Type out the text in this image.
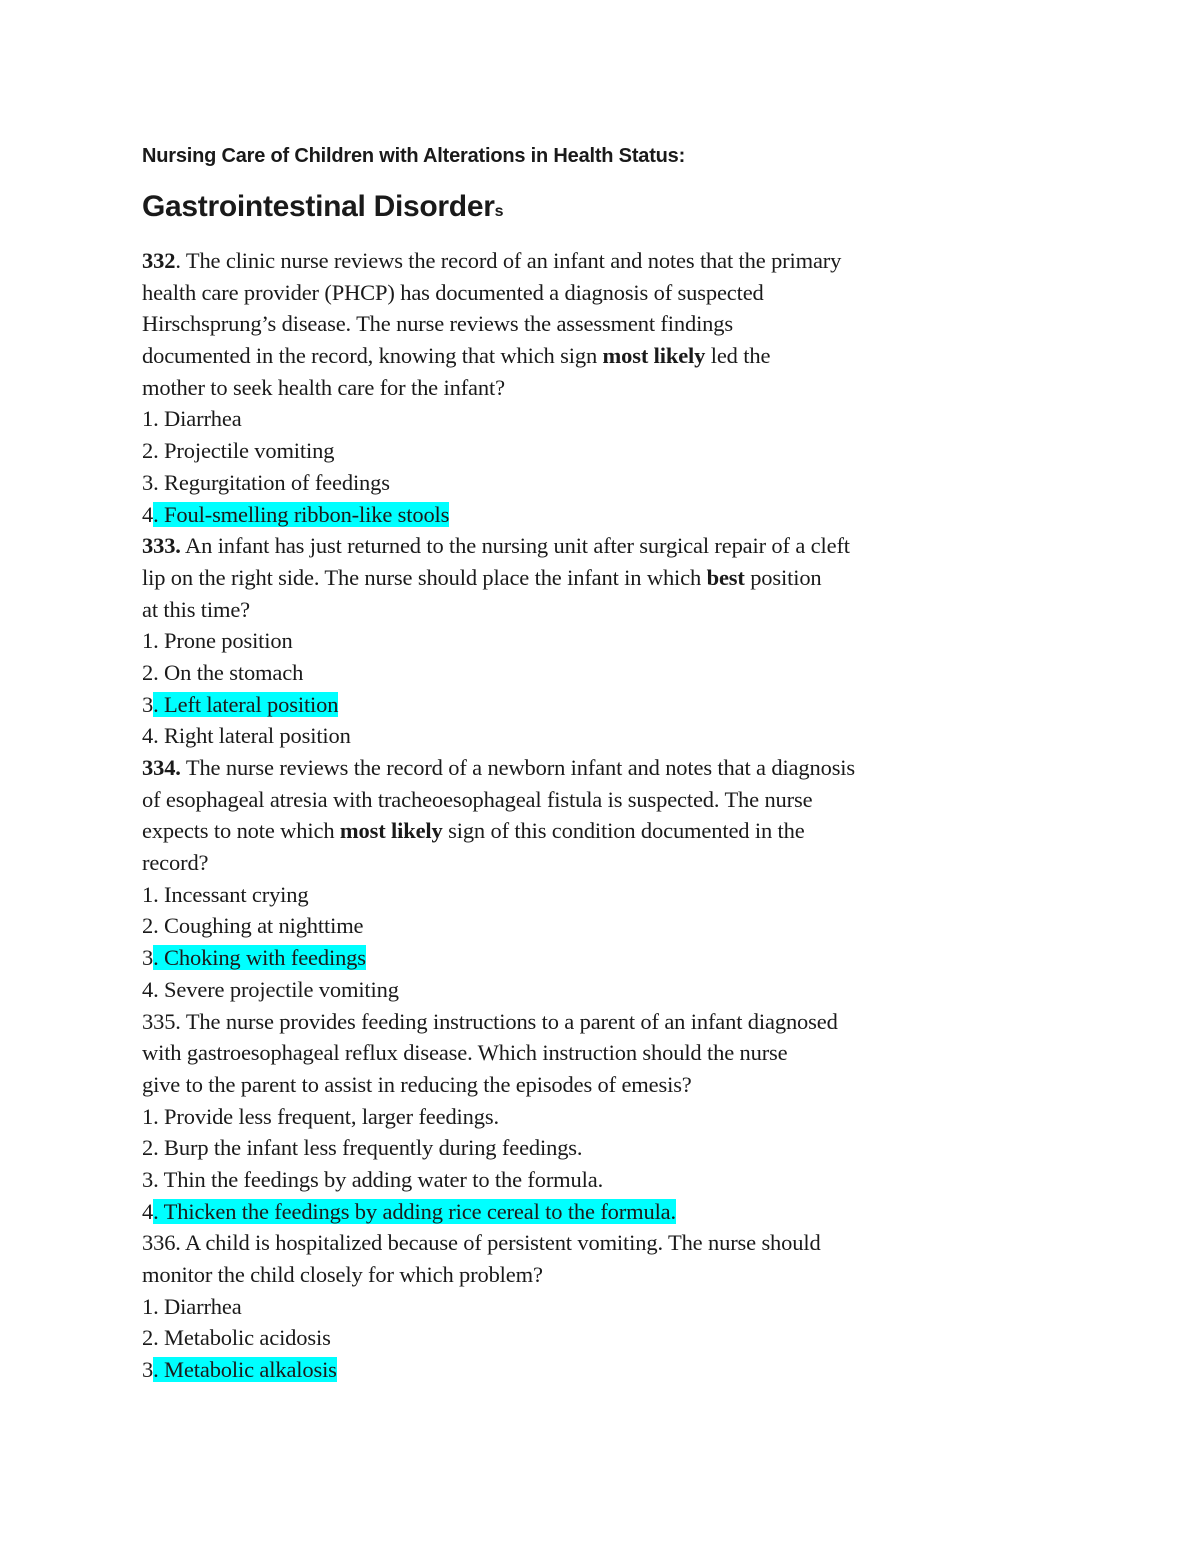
Nursing Care of Children with Alterations in Health Status:

Gastrointestinal Disorders

332. The clinic nurse reviews the record of an infant and notes that the primary
health care provider (PHCP) has documented a diagnosis of suspected
Hirschsprung’s disease. The nurse reviews the assessment findings
documented in the record, knowing that which sign most likely led the
mother to seek health care for the infant?
1. Diarrhea
2. Projectile vomiting
3. Regurgitation of feedings
4. Foul-smelling ribbon-like stools
333. An infant has just returned to the nursing unit after surgical repair of a cleft
lip on the right side. The nurse should place the infant in which best position
at this time?
1. Prone position
2. On the stomach
3. Left lateral position
4. Right lateral position
334. The nurse reviews the record of a newborn infant and notes that a diagnosis
of esophageal atresia with tracheoesophageal fistula is suspected. The nurse
expects to note which most likely sign of this condition documented in the
record?
1. Incessant crying
2. Coughing at nighttime
3. Choking with feedings
4. Severe projectile vomiting
335. The nurse provides feeding instructions to a parent of an infant diagnosed
with gastroesophageal reflux disease. Which instruction should the nurse
give to the parent to assist in reducing the episodes of emesis?
1. Provide less frequent, larger feedings.
2. Burp the infant less frequently during feedings.
3. Thin the feedings by adding water to the formula.
4. Thicken the feedings by adding rice cereal to the formula.
336. A child is hospitalized because of persistent vomiting. The nurse should
monitor the child closely for which problem?
1. Diarrhea
2. Metabolic acidosis
3. Metabolic alkalosis
